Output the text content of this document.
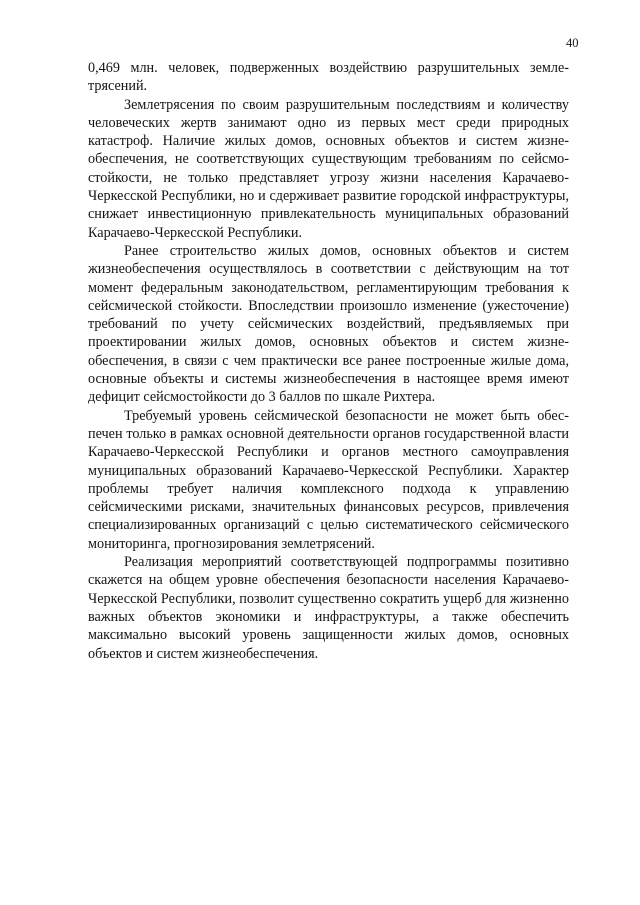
40

0,469 млн. человек, подверженных воздействию разрушительных землетрясений.

Землетрясения по своим разрушительным последствиям и количеству человеческих жертв занимают одно из первых мест среди природных катастроф. Наличие жилых домов, основных объектов и систем жизнеобеспечения, не соответствующих существующим требованиям по сейсмостойкости, не только представляет угрозу жизни населения Карачаево-Черкесской Республики, но и сдерживает развитие городской инфраструктуры, снижает инвестиционную привлекательность муниципальных образований Карачаево-Черкесской Республики.

Ранее строительство жилых домов, основных объектов и систем жизнеобеспечения осуществлялось в соответствии с действующим на тот момент федеральным законодательством, регламентирующим требования к сейсмической стойкости. Впоследствии произошло изменение (ужесточение) требований по учету сейсмических воздействий, предъявляемых при проектировании жилых домов, основных объектов и систем жизнеобеспечения, в связи с чем практически все ранее построенные жилые дома, основные объекты и системы жизнеобеспечения в настоящее время имеют дефицит сейсмостойкости до 3 баллов по шкале Рихтера.

Требуемый уровень сейсмической безопасности не может быть обеспечен только в рамках основной деятельности органов государственной власти Карачаево-Черкесской Республики и органов местного самоуправления муниципальных образований Карачаево-Черкесской Республики. Характер проблемы требует наличия комплексного подхода к управлению сейсмическими рисками, значительных финансовых ресурсов, привлечения специализированных организаций с целью систематического сейсмического мониторинга, прогнозирования землетрясений.

Реализация мероприятий соответствующей подпрограммы позитивно скажется на общем уровне обеспечения безопасности населения Карачаево-Черкесской Республики, позволит существенно сократить ущерб для жизненно важных объектов экономики и инфраструктуры, а также обеспечить максимально высокий уровень защищенности жилых домов, основных объектов и систем жизнеобеспечения.
